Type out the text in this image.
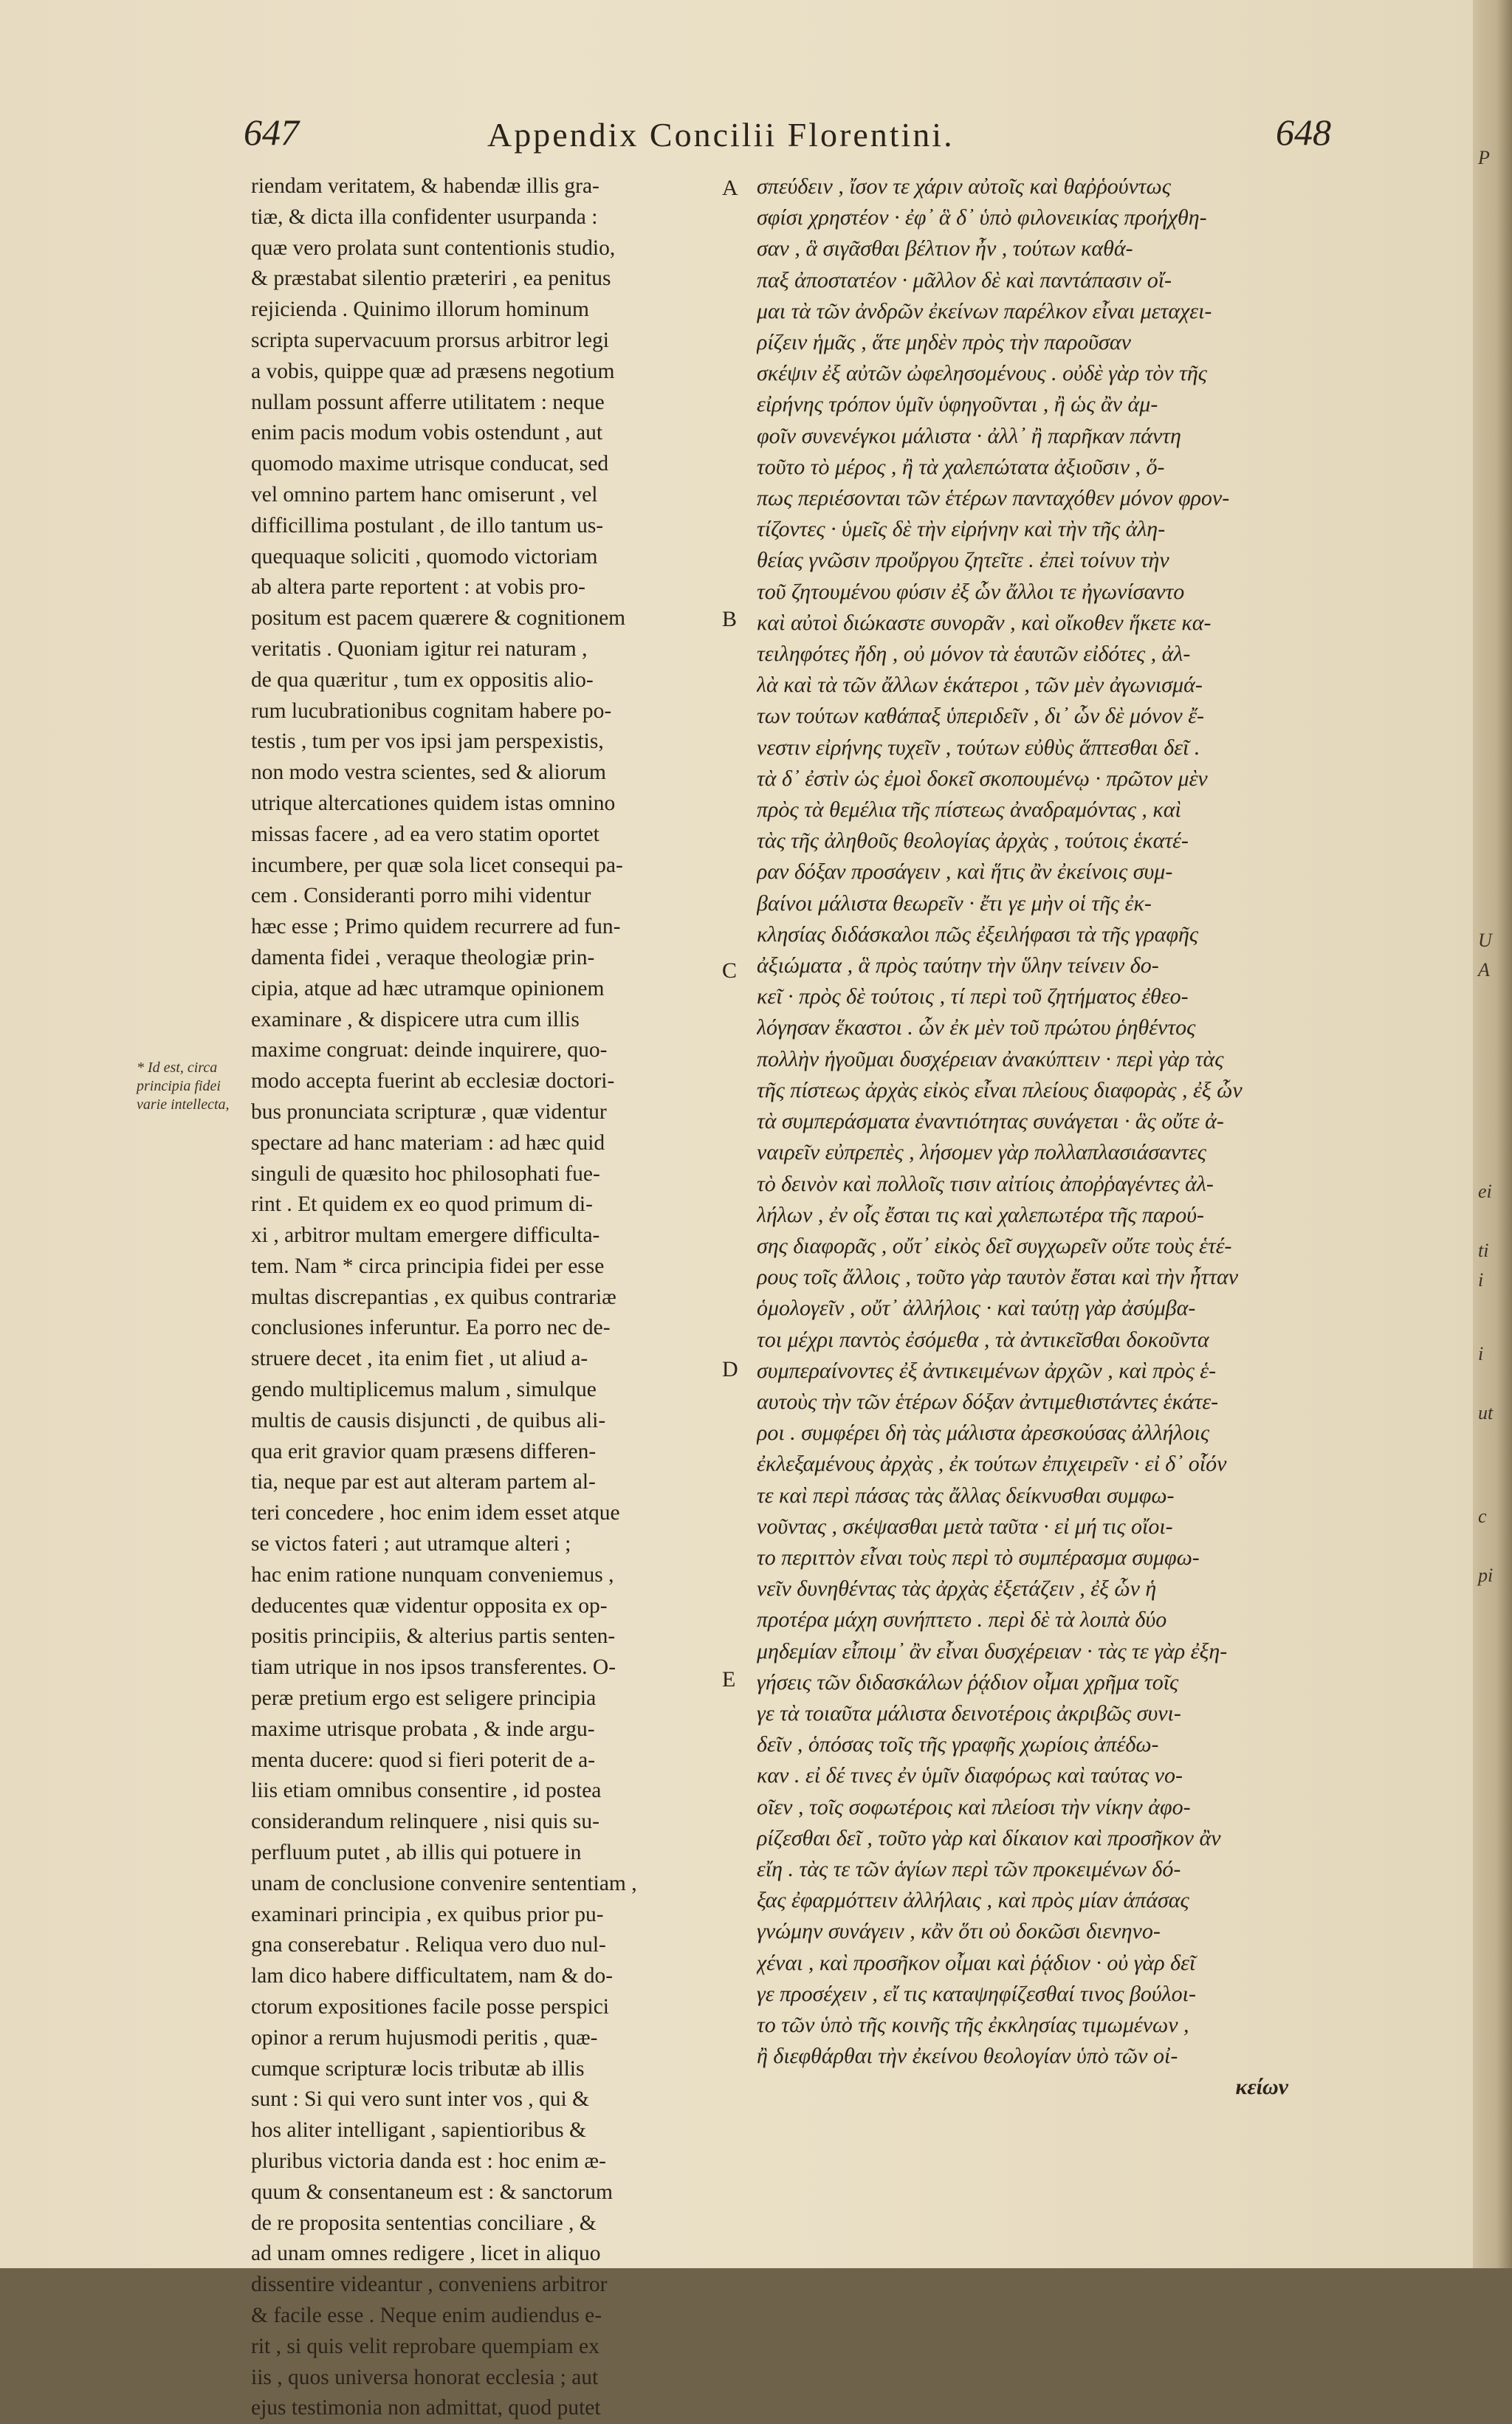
647	Appendix Concilii Florentini.	648
* Id est, circa principia fidei varie intellecta,
riendam veritatem, & habendæ illis gra-
tiæ, & dicta illa confidenter usurpanda :
quæ vero prolata sunt contentionis studio,
& præstabat silentio præteriri , ea penitus
rejicienda . Quinimo illorum hominum
scripta supervacuum prorsus arbitror legi
a vobis, quippe quæ ad præsens negotium
nullam possunt afferre utilitatem : neque
enim pacis modum vobis ostendunt , aut
quomodo maxime utrisque conducat, sed
vel omnino partem hanc omiserunt , vel
difficillima postulant , de illo tantum us-
quequaque soliciti , quomodo victoriam
ab altera parte reportent : at vobis pro-
positum est pacem quærere & cognitionem
veritatis . Quoniam igitur rei naturam ,
de qua quæritur , tum ex oppositis alio-
rum lucubrationibus cognitam habere po-
testis , tum per vos ipsi jam perspexistis,
non modo vestra scientes, sed & aliorum
utrique altercationes quidem istas omnino
missas facere , ad ea vero statim oportet
incumbere, per quæ sola licet consequi pa-
cem . Consideranti porro mihi videntur
hæc esse ; Primo quidem recurrere ad fun-
damenta fidei , veraque theologiæ prin-
cipia, atque ad hæc utramque opinionem
examinare , & dispicere utra cum illis
maxime congruat: deinde inquirere, quo-
modo accepta fuerint ab ecclesiæ doctori-
bus pronunciata scripturæ , quæ videntur
spectare ad hanc materiam : ad hæc quid
singuli de quæsito hoc philosophati fue-
rint . Et quidem ex eo quod primum di-
xi , arbitror multam emergere difficulta-
tem. Nam * circa principia fidei per esse
multas discrepantias , ex quibus contrariæ
conclusiones inferuntur. Ea porro nec de-
struere decet , ita enim fiet , ut aliud a-
gendo multiplicemus malum , simulque
multis de causis disjuncti , de quibus ali-
qua erit gravior quam præsens differen-
tia, neque par est aut alteram partem al-
teri concedere , hoc enim idem esset atque
se victos fateri ; aut utramque alteri ;
hac enim ratione nunquam conveniemus ,
deducentes quæ videntur opposita ex op-
positis principiis, & alterius partis senten-
tiam utrique in nos ipsos transferentes. O-
peræ pretium ergo est seligere principia
maxime utrisque probata , & inde argu-
menta ducere: quod si fieri poterit de a-
liis etiam omnibus consentire , id postea
considerandum relinquere , nisi quis su-
perfluum putet , ab illis qui potuere in
unam de conclusione convenire sententiam ,
examinari principia , ex quibus prior pu-
gna conserebatur . Reliqua vero duo nul-
lam dico habere difficultatem, nam & do-
ctorum expositiones facile posse perspici
opinor a rerum hujusmodi peritis , quæ-
cumque scripturæ locis tributæ ab illis
sunt : Si qui vero sunt inter vos , qui &
hos aliter intelligant , sapientioribus &
pluribus victoria danda est : hoc enim æ-
quum & consentaneum est : & sanctorum
de re proposita sententias conciliare , &
ad unam omnes redigere , licet in aliquo
dissentire videantur , conveniens arbitror
& facile esse . Neque enim audiendus e-
rit , si quis velit reprobare quempiam ex
iis , quos universa honorat ecclesia ; aut
ejus testimonia non admittat, quod putet
A
B
C
D
E
σπεύδειν , ἴσον τε χάριν αὐτοῖς καὶ θαῤῥούντως
σφίσι χρηστέον · ἐφ᾽ ἃ δ᾽ ὑπὸ φιλονεικίας προήχθη-
σαν , ἃ σιγᾶσθαι βέλτιον ἦν , τούτων καθά-
παξ ἀποστατέον · μᾶλλον δὲ καὶ παντάπασιν οἴ-
μαι τὰ τῶν ἀνδρῶν ἐκείνων παρέλκον εἶναι μεταχει-
ρίζειν ἡμᾶς , ἅτε μηδὲν πρὸς τὴν παροῦσαν
σκέψιν ἐξ αὐτῶν ὠφελησομένους . οὐδὲ γὰρ τὸν τῆς
εἰρήνης τρόπον ὑμῖν ὑφηγοῦνται , ἢ ὡς ἂν ἀμ-
φοῖν συνενέγκοι μάλιστα · ἀλλ᾽ ἢ παρῆκαν πάντη
τοῦτο τὸ μέρος , ἢ τὰ χαλεπώτατα ἀξιοῦσιν , ὅ-
πως περιέσονται τῶν ἑτέρων πανταχόθεν μόνον φρον-
τίζοντες · ὑμεῖς δὲ τὴν εἰρήνην καὶ τὴν τῆς ἀλη-
θείας γνῶσιν προὔργου ζητεῖτε . ἐπεὶ τοίνυν τὴν
τοῦ ζητουμένου φύσιν ἐξ ὧν ἄλλοι τε ἠγωνίσαντο
καὶ αὐτοὶ διώκαστε συνορᾶν , καὶ οἴκοθεν ἥκετε κα-
τειληφότες ἤδη , οὐ μόνον τὰ ἑαυτῶν εἰδότες , ἀλ-
λὰ καὶ τὰ τῶν ἄλλων ἑκάτεροι , τῶν μὲν ἀγωνισμά-
των τούτων καθάπαξ ὑπεριδεῖν , δι᾽ ὧν δὲ μόνον ἔ-
νεστιν εἰρήνης τυχεῖν , τούτων εὐθὺς ἅπτεσθαι δεῖ .
τὰ δ᾽ ἐστὶν ὡς ἐμοὶ δοκεῖ σκοπουμένῳ · πρῶτον μὲν
πρὸς τὰ θεμέλια τῆς πίστεως ἀναδραμόντας , καὶ
τὰς τῆς ἀληθοῦς θεολογίας ἀρχὰς , τούτοις ἑκατέ-
ραν δόξαν προσάγειν , καὶ ἥτις ἂν ἐκείνοις συμ-
βαίνοι μάλιστα θεωρεῖν · ἔτι γε μὴν οἱ τῆς ἐκ-
κλησίας διδάσκαλοι πῶς ἐξειλήφασι τὰ τῆς γραφῆς
ἀξιώματα , ἃ πρὸς ταύτην τὴν ὕλην τείνειν δο-
κεῖ · πρὸς δὲ τούτοις , τί περὶ τοῦ ζητήματος ἐθεο-
λόγησαν ἕκαστοι . ὧν ἐκ μὲν τοῦ πρώτου ῥηθέντος
πολλὴν ἡγοῦμαι δυσχέρειαν ἀνακύπτειν · περὶ γὰρ τὰς
τῆς πίστεως ἀρχὰς εἰκὸς εἶναι πλείους διαφορὰς , ἐξ ὧν
τὰ συμπεράσματα ἐναντιότητας συνάγεται · ἃς οὔτε ἀ-
ναιρεῖν εὐπρεπὲς , λήσομεν γὰρ πολλαπλασιάσαντες
τὸ δεινὸν καὶ πολλοῖς τισιν αἰτίοις ἀποῤῥαγέντες ἀλ-
λήλων , ἐν οἷς ἔσται τις καὶ χαλεπωτέρα τῆς παρού-
σης διαφορᾶς , οὔτ᾽ εἰκὸς δεῖ συγχωρεῖν οὔτε τοὺς ἑτέ-
ρους τοῖς ἄλλοις , τοῦτο γὰρ ταυτὸν ἔσται καὶ τὴν ἧτταν
ὁμολογεῖν , οὔτ᾽ ἀλλήλοις · καὶ ταύτῃ γὰρ ἀσύμβα-
τοι μέχρι παντὸς ἐσόμεθα , τὰ ἀντικεῖσθαι δοκοῦντα
συμπεραίνοντες ἐξ ἀντικειμένων ἀρχῶν , καὶ πρὸς ἑ-
αυτοὺς τὴν τῶν ἑτέρων δόξαν ἀντιμεθιστάντες ἑκάτε-
ροι . συμφέρει δὴ τὰς μάλιστα ἀρεσκούσας ἀλλήλοις
ἐκλεξαμένους ἀρχὰς , ἐκ τούτων ἐπιχειρεῖν · εἰ δ᾽ οἷόν
τε καὶ περὶ πάσας τὰς ἄλλας δείκνυσθαι συμφω-
νοῦντας , σκέψασθαι μετὰ ταῦτα · εἰ μή τις οἴοι-
το περιττὸν εἶναι τοὺς περὶ τὸ συμπέρασμα συμφω-
νεῖν δυνηθέντας τὰς ἀρχὰς ἐξετάζειν , ἐξ ὧν ἡ
προτέρα μάχη συνήπτετο . περὶ δὲ τὰ λοιπὰ δύο
μηδεμίαν εἶποιμ᾽ ἂν εἶναι δυσχέρειαν · τὰς τε γὰρ ἐξη-
γήσεις τῶν διδασκάλων ῥᾴδιον οἶμαι χρῆμα τοῖς
γε τὰ τοιαῦτα μάλιστα δεινοτέροις ἀκριβῶς συνι-
δεῖν , ὁπόσας τοῖς τῆς γραφῆς χωρίοις ἀπέδω-
καν . εἰ δέ τινες ἐν ὑμῖν διαφόρως καὶ ταύτας νο-
οῖεν , τοῖς σοφωτέροις καὶ πλείοσι τὴν νίκην ἀφο-
ρίζεσθαι δεῖ , τοῦτο γὰρ καὶ δίκαιον καὶ προσῆκον ἂν
εἴη . τὰς τε τῶν ἁγίων περὶ τῶν προκειμένων δό-
ξας ἐφαρμόττειν ἀλλήλαις , καὶ πρὸς μίαν ἁπάσας
γνώμην συνάγειν , κἂν ὅτι οὐ δοκῶσι διενηνο-
χέναι , καὶ προσῆκον οἶμαι καὶ ῥᾴδιον · οὐ γὰρ δεῖ
γε προσέχειν , εἴ τις καταψηφίζεσθαί τινος βούλοι-
το τῶν ὑπὸ τῆς κοινῆς τῆς ἐκκλησίας τιμωμένων ,
ἢ διεφθάρθαι τὴν ἐκείνου θεολογίαν ὑπὸ τῶν οἰ-
κείων
P
U
A
ei
ti
i
i
ut
c
pi
